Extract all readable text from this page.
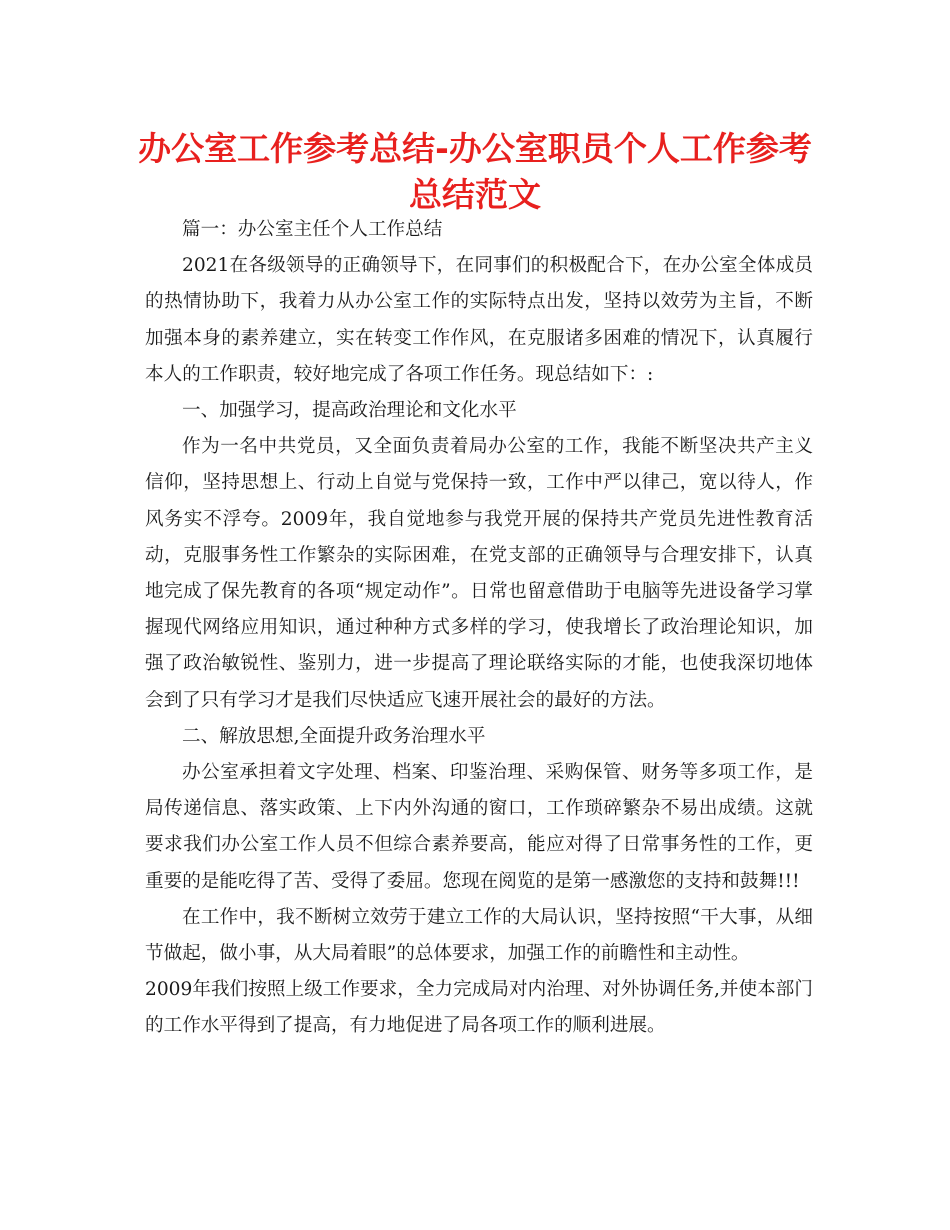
办公室工作参考总结-办公室职员个人工作参考总结范文

篇一：办公室主任个人工作总结

2021在各级领导的正确领导下，在同事们的积极配合下，在办公室全体成员的热情协助下，我着力从办公室工作的实际特点出发，坚持以效劳为主旨，不断加强本身的素养建立，实在转变工作作风，在克服诸多困难的情况下，认真履行本人的工作职责，较好地完成了各项工作任务。现总结如下：:

一、加强学习，提高政治理论和文化水平

作为一名中共党员，又全面负责着局办公室的工作，我能不断坚决共产主义信仰，坚持思想上、行动上自觉与党保持一致，工作中严以律己，宽以待人，作风务实不浮夸。2009年，我自觉地参与我党开展的保持共产党员先进性教育活动，克服事务性工作繁杂的实际困难，在党支部的正确领导与合理安排下，认真地完成了保先教育的各项“规定动作”。日常也留意借助于电脑等先进设备学习掌握现代网络应用知识，通过种种方式多样的学习，使我增长了政治理论知识，加强了政治敏锐性、鉴别力，进一步提高了理论联络实际的才能，也使我深切地体会到了只有学习才是我们尽快适应飞速开展社会的最好的方法。

二、解放思想,全面提升政务治理水平

办公室承担着文字处理、档案、印鉴治理、采购保管、财务等多项工作，是局传递信息、落实政策、上下内外沟通的窗口，工作琐碎繁杂不易出成绩。这就要求我们办公室工作人员不但综合素养要高，能应对得了日常事务性的工作，更重要的是能吃得了苦、受得了委屈。您现在阅览的是第一感激您的支持和鼓舞!!!

在工作中，我不断树立效劳于建立工作的大局认识，坚持按照“干大事，从细节做起，做小事，从大局着眼”的总体要求，加强工作的前瞻性和主动性。

2009年我们按照上级工作要求，全力完成局对内治理、对外协调任务,并使本部门的工作水平得到了提高，有力地促进了局各项工作的顺利进展。
